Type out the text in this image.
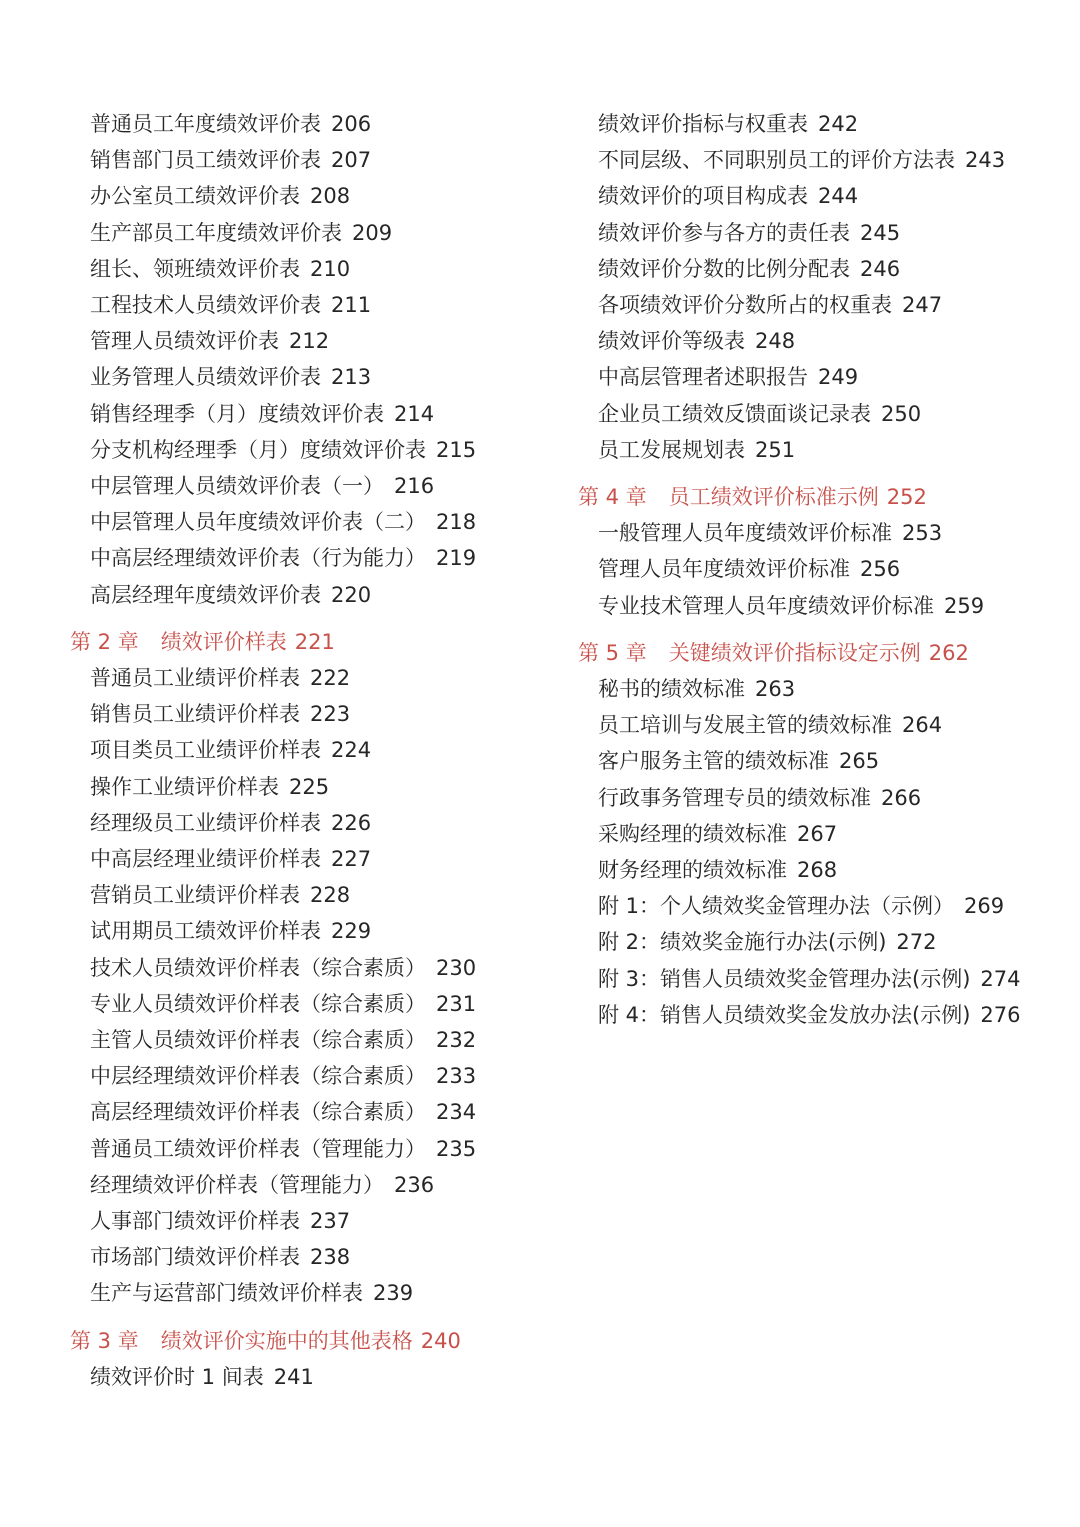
普通员工年度绩效评价表 206
销售部门员工绩效评价表 207
办公室员工绩效评价表 208
生产部员工年度绩效评价表 209
组长、领班绩效评价表 210
工程技术人员绩效评价表 211
管理人员绩效评价表 212
业务管理人员绩效评价表 213
销售经理季（月）度绩效评价表 214
分支机构经理季（月）度绩效评价表 215
中层管理人员绩效评价表（一） 216
中层管理人员年度绩效评价表（二） 218
中高层经理绩效评价表（行为能力） 219
高层经理年度绩效评价表 220
第 2 章 绩效评价样表 221
普通员工业绩评价样表 222
销售员工业绩评价样表 223
项目类员工业绩评价样表 224
操作工业绩评价样表 225
经理级员工业绩评价样表 226
中高层经理业绩评价样表 227
营销员工业绩评价样表 228
试用期员工绩效评价样表 229
技术人员绩效评价样表（综合素质） 230
专业人员绩效评价样表（综合素质） 231
主管人员绩效评价样表（综合素质） 232
中层经理绩效评价样表（综合素质） 233
高层经理绩效评价样表（综合素质） 234
普通员工绩效评价样表（管理能力） 235
经理绩效评价样表（管理能力） 236
人事部门绩效评价样表 237
市场部门绩效评价样表 238
生产与运营部门绩效评价样表 239
第 3 章 绩效评价实施中的其他表格 240
绩效评价时 1 间表 241
绩效评价指标与权重表 242
不同层级、不同职别员工的评价方法表 243
绩效评价的项目构成表 244
绩效评价参与各方的责任表 245
绩效评价分数的比例分配表 246
各项绩效评价分数所占的权重表 247
绩效评价等级表 248
中高层管理者述职报告 249
企业员工绩效反馈面谈记录表 250
员工发展规划表 251
第 4 章 员工绩效评价标准示例 252
一般管理人员年度绩效评价标准 253
管理人员年度绩效评价标准 256
专业技术管理人员年度绩效评价标准 259
第 5 章 关键绩效评价指标设定示例 262
秘书的绩效标准 263
员工培训与发展主管的绩效标准 264
客户服务主管的绩效标准 265
行政事务管理专员的绩效标准 266
采购经理的绩效标准 267
财务经理的绩效标准 268
附 1：个人绩效奖金管理办法（示例） 269
附 2：绩效奖金施行办法(示例) 272
附 3：销售人员绩效奖金管理办法(示例) 274
附 4：销售人员绩效奖金发放办法(示例) 276
